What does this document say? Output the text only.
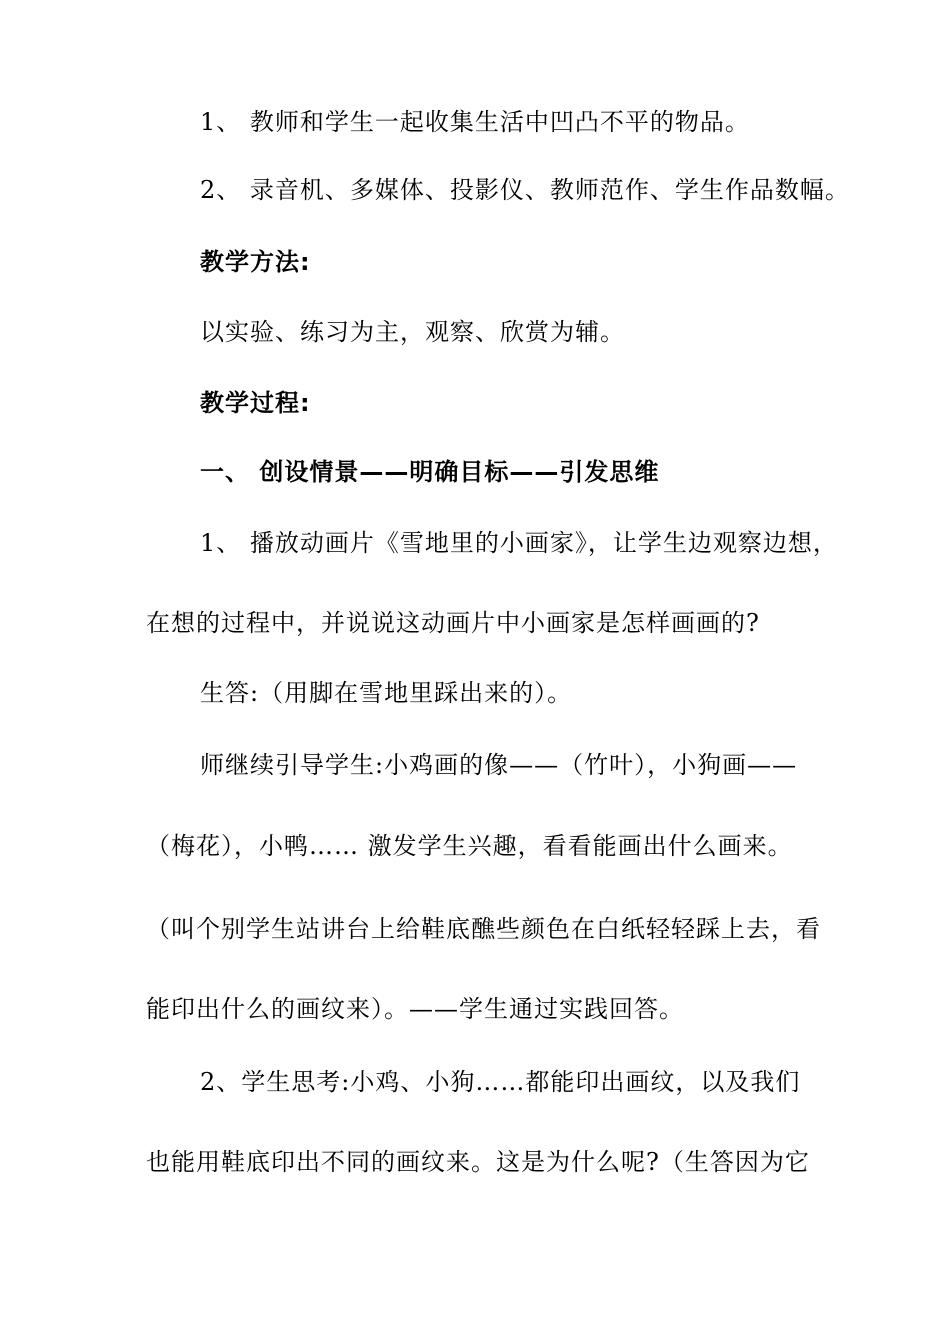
1、 教师和学生一起收集生活中凹凸不平的物品。
2、 录音机、多媒体、投影仪、教师范作、学生作品数幅。
教学方法:
以实验、练习为主，观察、欣赏为辅。
教学过程:
一、 创设情景——明确目标——引发思维
1、 播放动画片《雪地里的小画家》，让学生边观察边想，
在想的过程中，并说说这动画片中小画家是怎样画画的?
生答:（用脚在雪地里踩出来的）。
师继续引导学生:小鸡画的像——（竹叶），小狗画——
（梅花），小鸭…… 激发学生兴趣，看看能画出什么画来。
（叫个别学生站讲台上给鞋底醮些颜色在白纸轻轻踩上去，看
能印出什么的画纹来）。——学生通过实践回答。
2、学生思考:小鸡、小狗……都能印出画纹，以及我们
也能用鞋底印出不同的画纹来。这是为什么呢?（生答因为它
